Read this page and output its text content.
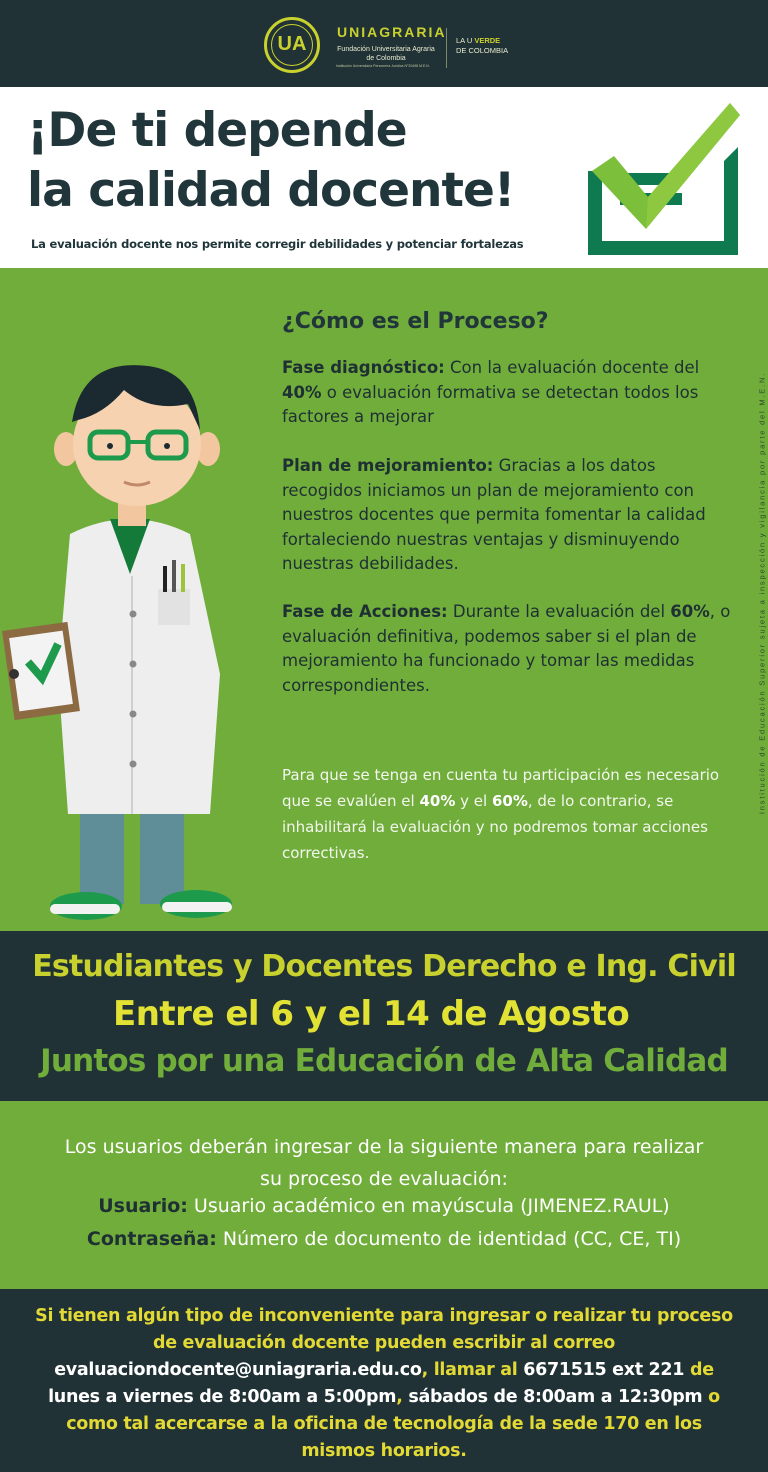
UA
UNIAGRARIA
Fundación Universitaria Agraria
de Colombia
Institución Universitaria Personería Jurídica N°20498 M.E.N.
LA U VERDE
DE COLOMBIA
¡De ti depende
la calidad docente!
La evaluación docente nos permite corregir debilidades y potenciar fortalezas
¿Cómo es el Proceso?
Fase diagnóstico: Con la evaluación docente del 40% o evaluación formativa se detectan todos los factores a mejorar
Plan de mejoramiento: Gracias a los datos recogidos iniciamos un plan de mejoramiento con nuestros docentes que permita fomentar la calidad fortaleciendo nuestras ventajas y disminuyendo nuestras debilidades.
Fase de Acciones: Durante la evaluación del 60%, o evaluación definitiva, podemos saber si el plan de mejoramiento ha funcionado y tomar las medidas correspondientes.
Para que se tenga en cuenta tu participación es necesario que se evalúen el 40% y el 60%, de lo contrario, se inhabilitará la evaluación y no podremos tomar acciones correctivas.
Institución de Educación Superior sujeta a inspección y vigilancia por parte del M.E.N.
Estudiantes y Docentes Derecho e Ing. Civil
Entre el 6 y el 14 de Agosto
Juntos por una Educación de Alta Calidad
Los usuarios deberán ingresar de la siguiente manera para realizar
su proceso de evaluación:
Usuario: Usuario académico en mayúscula (JIMENEZ.RAUL)
Contraseña: Número de documento de identidad (CC, CE, TI)
Si tienen algún tipo de inconveniente para ingresar o realizar tu proceso de evaluación docente pueden escribir al correo evaluaciondocente@uniagraria.edu.co, llamar al 6671515 ext 221 de lunes a viernes de 8:00am a 5:00pm, sábados de 8:00am a 12:30pm o como tal acercarse a la oficina de tecnología de la sede 170 en los mismos horarios.
